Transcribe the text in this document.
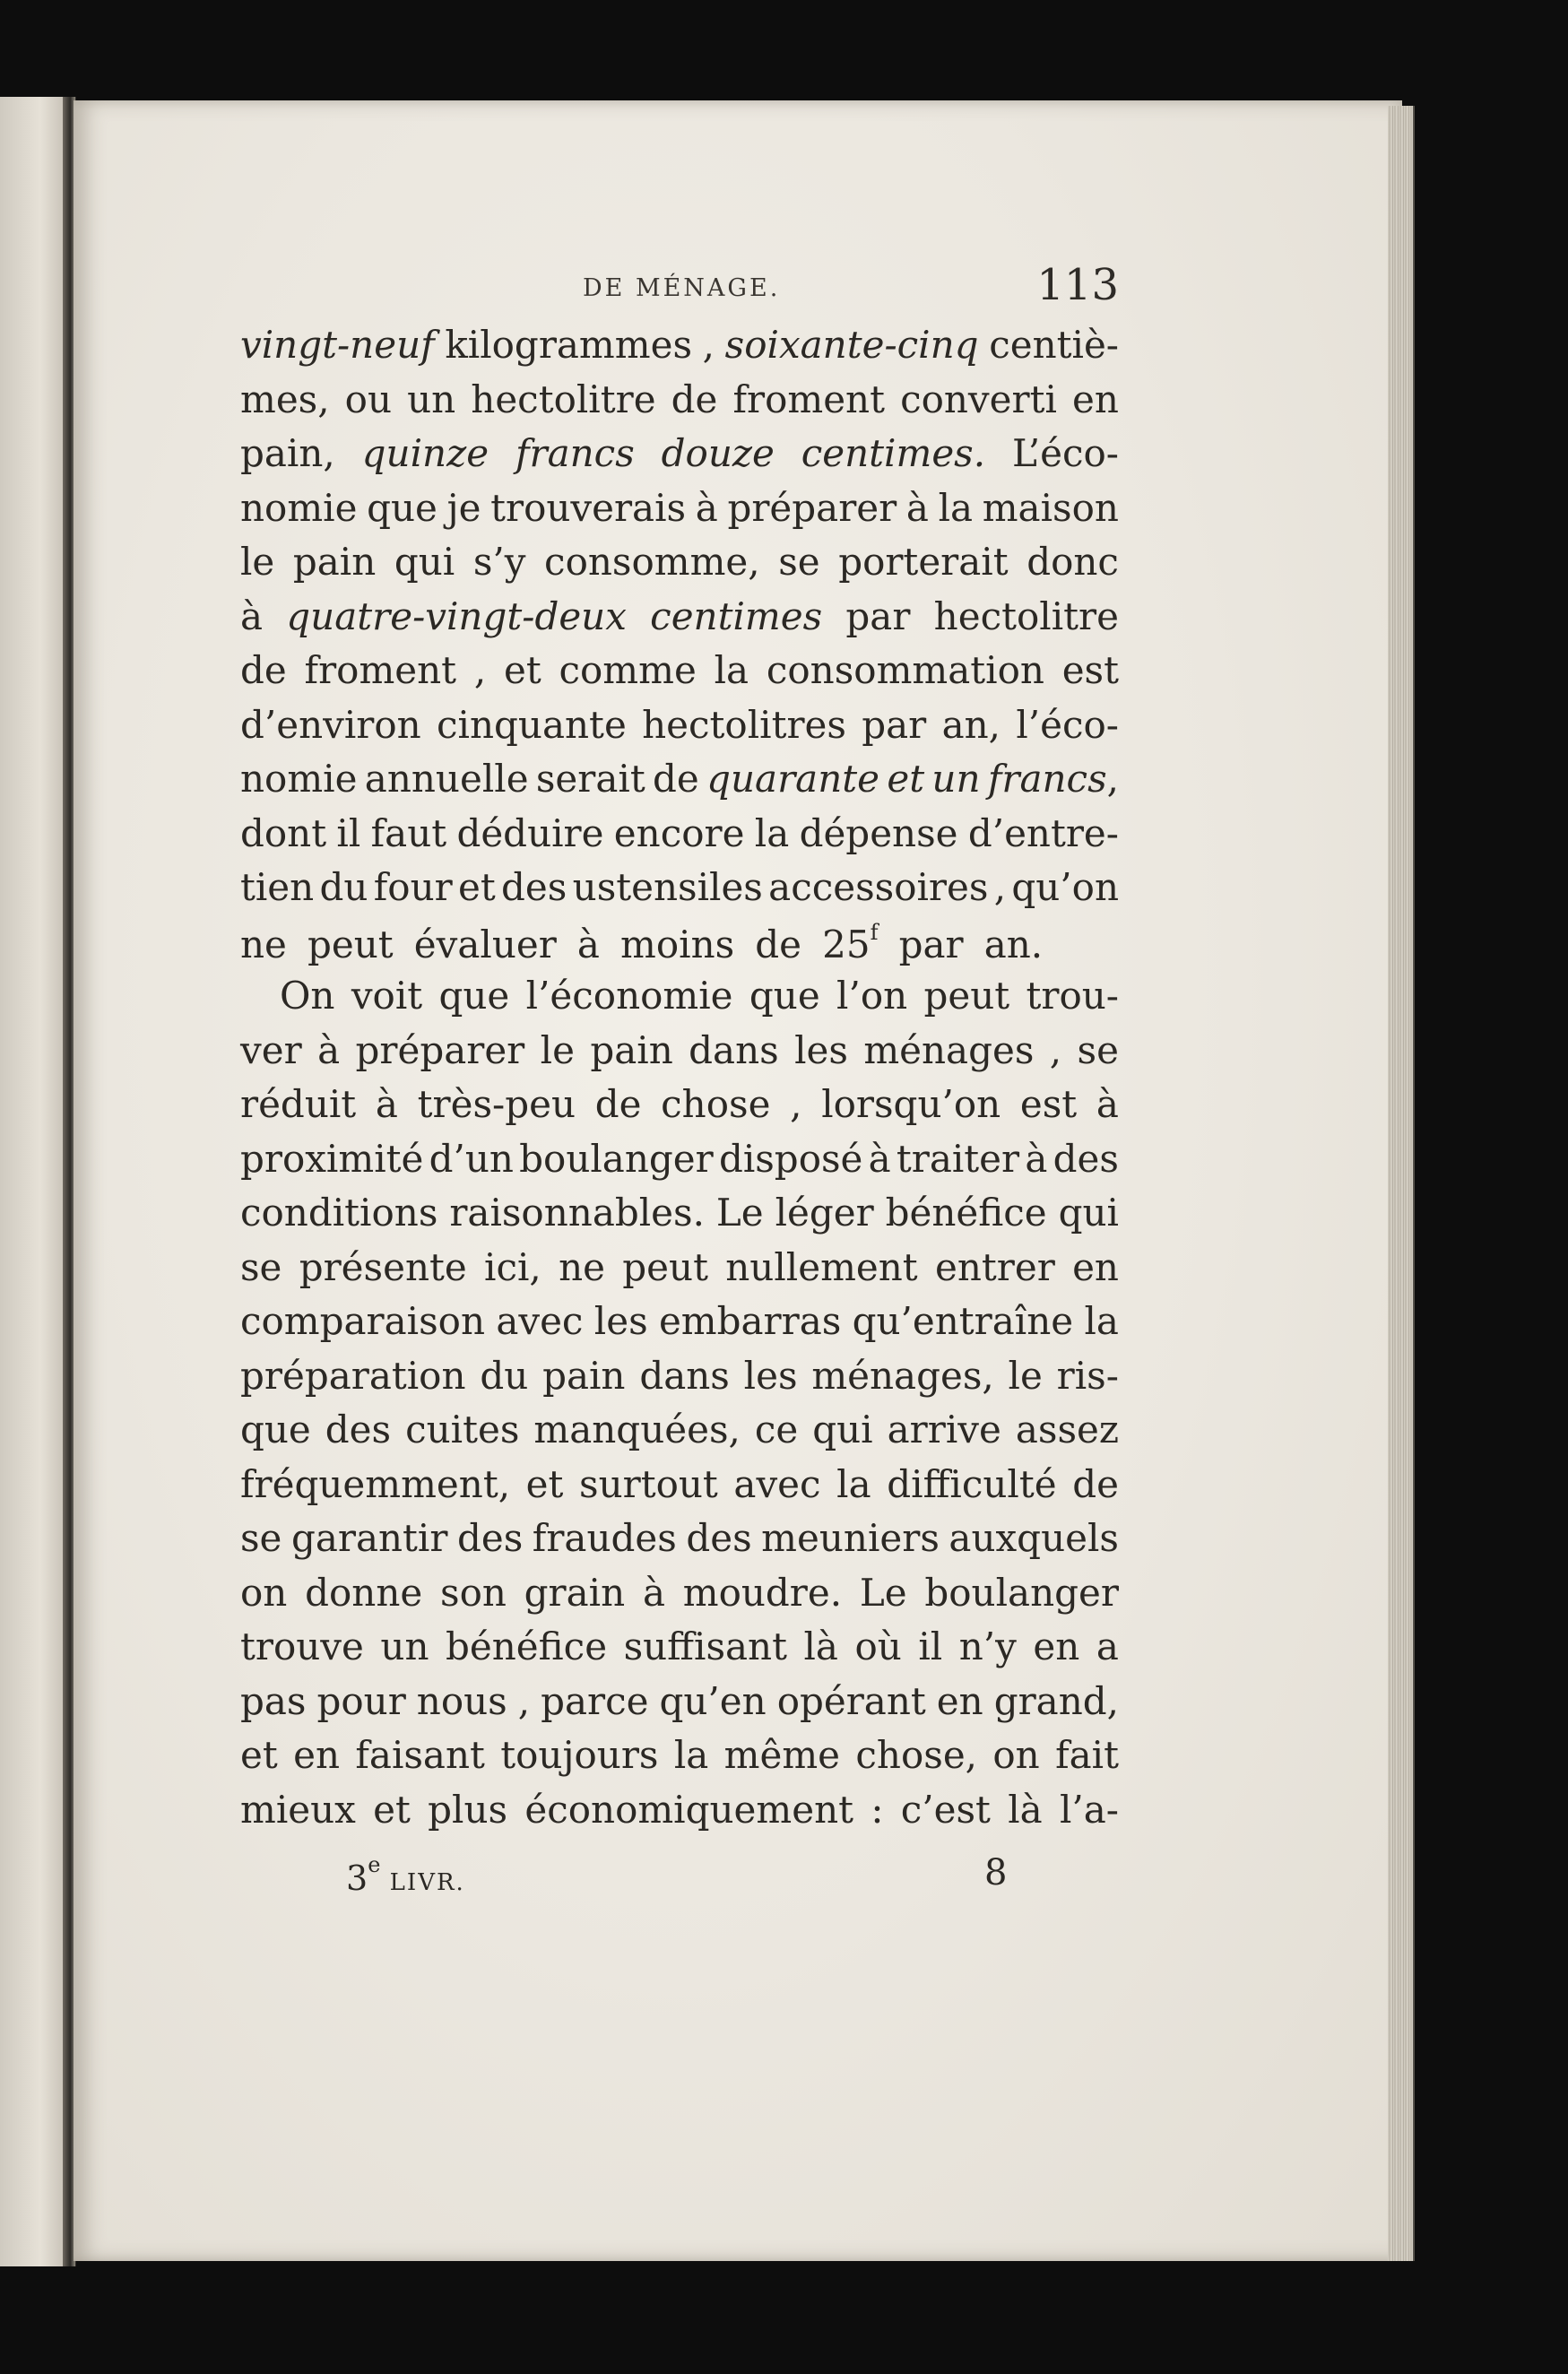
DE MÉNAGE.	113
vingt-neuf kilogrammes , soixante-cinq centiè-
mes, ou un hectolitre de froment converti en
pain, quinze francs douze centimes. L’éco-
nomie que je trouverais à préparer à la maison
le pain qui s’y consomme, se porterait donc
à quatre-vingt-deux centimes par hectolitre
de froment , et comme la consommation est
d’environ cinquante hectolitres par an, l’éco-
nomie annuelle serait de quarante et un francs,
dont il faut déduire encore la dépense d’entre-
tien du four et des ustensiles accessoires , qu’on
ne peut évaluer à moins de 25$^f$ par an.
On voit que l’économie que l’on peut trou-
ver à préparer le pain dans les ménages , se
réduit à très-peu de chose , lorsqu’on est à
proximité d’un boulanger disposé à traiter à des
conditions raisonnables. Le léger bénéfice qui
se présente ici, ne peut nullement entrer en
comparaison avec les embarras qu’entraîne la
préparation du pain dans les ménages, le ris-
que des cuites manquées, ce qui arrive assez
fréquemment, et surtout avec la difficulté de
se garantir des fraudes des meuniers auxquels
on donne son grain à moudre. Le boulanger
trouve un bénéfice suffisant là où il n’y en a
pas pour nous , parce qu’en opérant en grand,
et en faisant toujours la même chose, on fait
mieux et plus économiquement : c’est là l’a-
3e LIVR.	8
